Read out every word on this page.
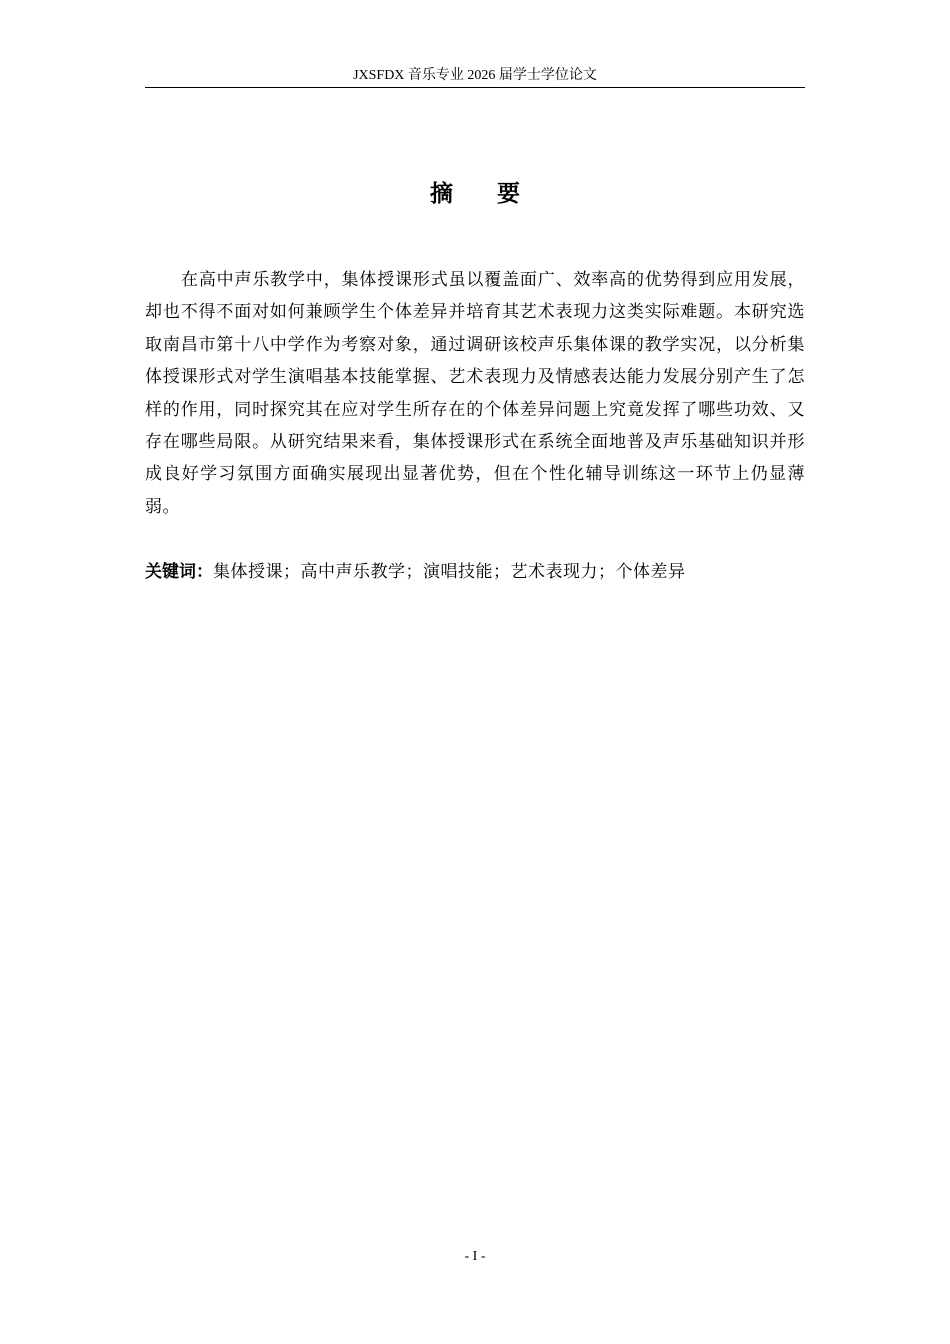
JXSFDX 音乐专业 2026 届学士学位论文
摘 要

在高中声乐教学中，集体授课形式虽以覆盖面广、效率高的优势得到应用发展，却也不得不面对如何兼顾学生个体差异并培育其艺术表现力这类实际难题。本研究选取南昌市第十八中学作为考察对象，通过调研该校声乐集体课的教学实况，以分析集体授课形式对学生演唱基本技能掌握、艺术表现力及情感表达能力发展分别产生了怎样的作用，同时探究其在应对学生所存在的个体差异问题上究竟发挥了哪些功效、又存在哪些局限。从研究结果来看，集体授课形式在系统全面地普及声乐基础知识并形成良好学习氛围方面确实展现出显著优势，但在个性化辅导训练这一环节上仍显薄弱。

关键词：集体授课；高中声乐教学；演唱技能；艺术表现力；个体差异
- I -
